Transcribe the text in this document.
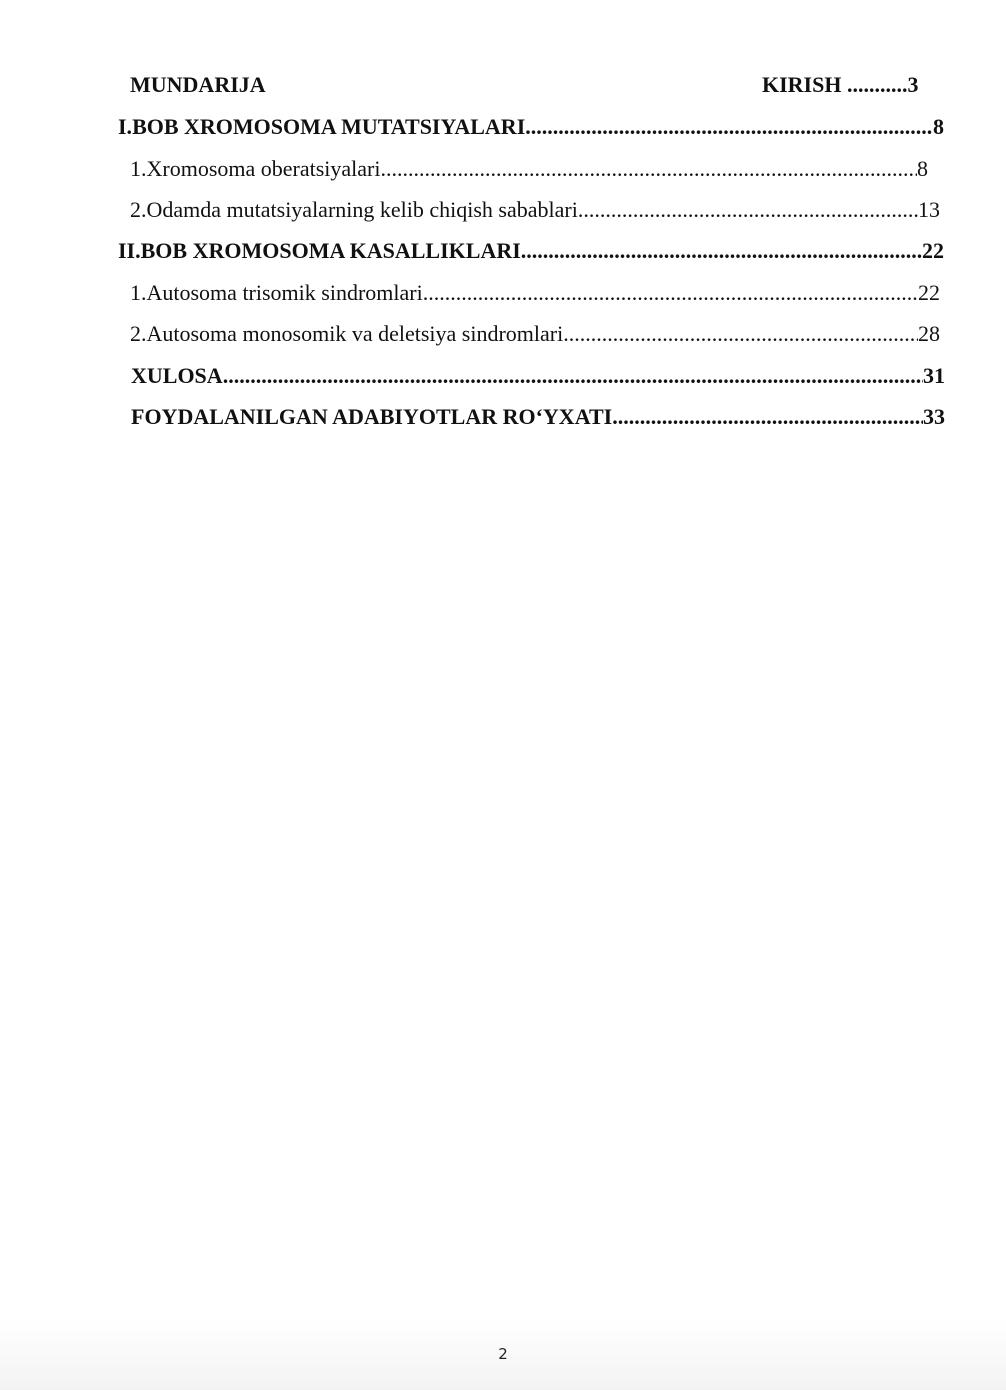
MUNDARIJA	KIRISH ...........3
I. BOB XROMOSOMA MUTATSIYALARI .....	8
1. Xromosoma oberatsiyalari. .....	8
2. Odamda mutatsiyalarning kelib chiqish sabablari .....	13
II. BOB XROMOSOMA KASALLIKLARI .....	22
1. Autosoma trisomik sindromlari .....	22
2. Autosoma monosomik va deletsiya sindromlari. .....	28
XULOSA .....	31
FOYDALANILGAN ADABIYOTLAR RO‘YXATI .....	33
2
